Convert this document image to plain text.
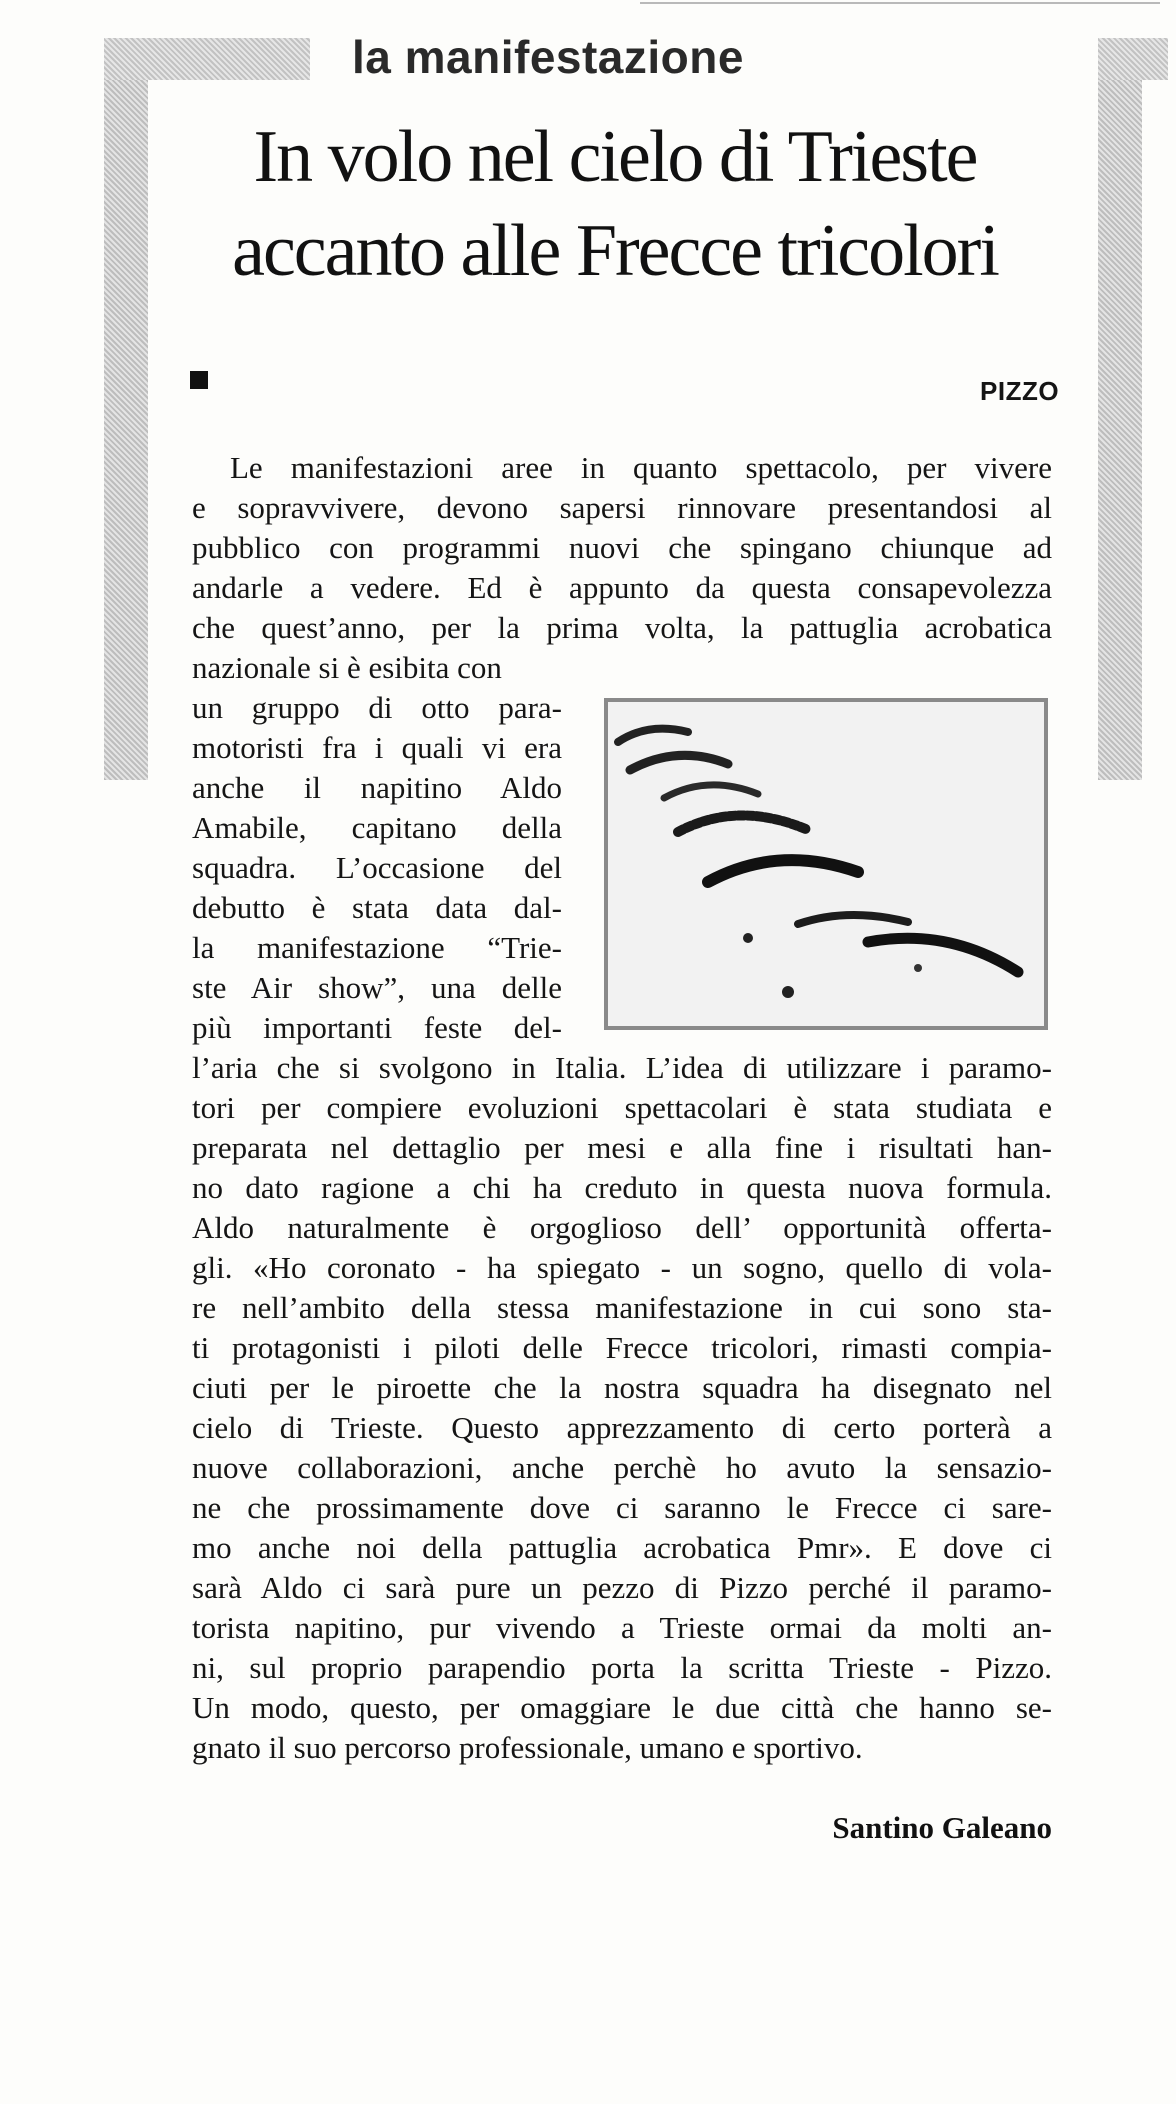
la manifestazione
In volo nel cielo di Trieste
accanto alle Frecce tricolori
PIZZO
Le manifestazioni aree in quanto spettacolo, per vivere
e sopravvivere, devono sapersi rinnovare presentandosi al
pubblico con programmi nuovi che spingano chiunque ad
andarle a vedere. Ed è appunto da questa consapevolezza
che quest’anno, per la prima volta, la pattuglia acrobatica
nazionale si è esibita con
un gruppo di otto para-
motoristi fra i quali vi era
anche il napitino Aldo
Amabile, capitano della
squadra. L’occasione del
debutto è stata data dal-
la manifestazione “Trie-
ste Air show”, una delle
più importanti feste del-
l’aria che si svolgono in Italia. L’idea di utilizzare i paramo-
tori per compiere evoluzioni spettacolari è stata studiata e
preparata nel dettaglio per mesi e alla fine i risultati han-
no dato ragione a chi ha creduto in questa nuova formula.
Aldo naturalmente è orgoglioso dell’ opportunità offerta-
gli. «Ho coronato - ha spiegato - un sogno, quello di vola-
re nell’ambito della stessa manifestazione in cui sono sta-
ti protagonisti i piloti delle Frecce tricolori, rimasti compia-
ciuti per le piroette che la nostra squadra ha disegnato nel
cielo di Trieste. Questo apprezzamento di certo porterà a
nuove collaborazioni, anche perchè ho avuto la sensazio-
ne che prossimamente dove ci saranno le Frecce ci sare-
mo anche noi della pattuglia acrobatica Pmr». E dove ci
sarà Aldo ci sarà pure un pezzo di Pizzo perché il paramo-
torista napitino, pur vivendo a Trieste ormai da molti an-
ni, sul proprio parapendio porta la scritta Trieste - Pizzo.
Un modo, questo, per omaggiare le due città che hanno se-
gnato il suo percorso professionale, umano e sportivo.
Santino Galeano
